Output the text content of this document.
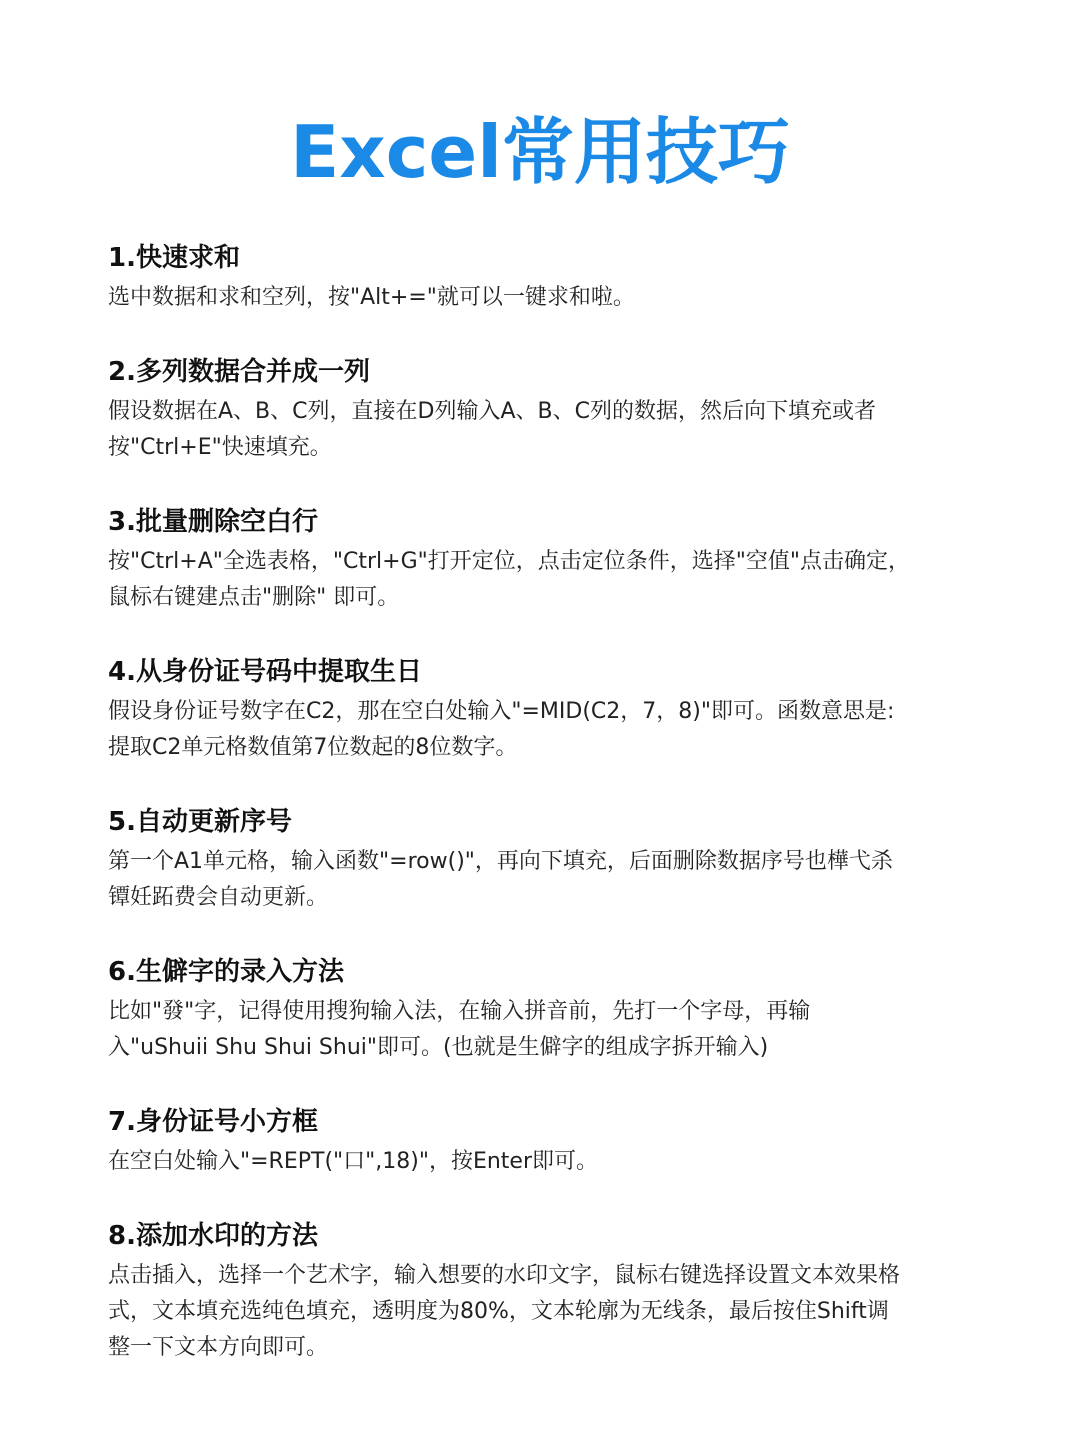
Excel常用技巧
1.快速求和
选中数据和求和空列，按"Alt+="就可以一键求和啦。
2.多列数据合并成一列
假设数据在A、B、C列，直接在D列输入A、B、C列的数据，然后向下填充或者
按"Ctrl+E"快速填充。
3.批量删除空白行
按"Ctrl+A"全选表格，"Ctrl+G"打开定位，点击定位条件，选择"空值"点击确定，
鼠标右键建点击"删除" 即可。
4.从身份证号码中提取生日
假设身份证号数字在C2，那在空白处输入"=MID(C2，7，8)"即可。函数意思是:
提取C2单元格数值第7位数起的8位数字。
5.自动更新序号
第一个A1单元格，输入函数"=row()"，再向下填充，后面删除数据序号也樺弋杀
镡妊跖费会自动更新。
6.生僻字的录入方法
比如"發"字，记得使用搜狗输入法，在输入拼音前，先打一个字母，再输
入"uShuii Shu Shui Shui"即可。(也就是生僻字的组成字拆开输入)
7.身份证号小方框
在空白处输入"=REPT("口",18)"，按Enter即可。
8.添加水印的方法
点击插入，选择一个艺术字，输入想要的水印文字，鼠标右键选择设置文本效果格
式，文本填充选纯色填充，透明度为80%，文本轮廓为无线条，最后按住Shift调
整一下文本方向即可。
